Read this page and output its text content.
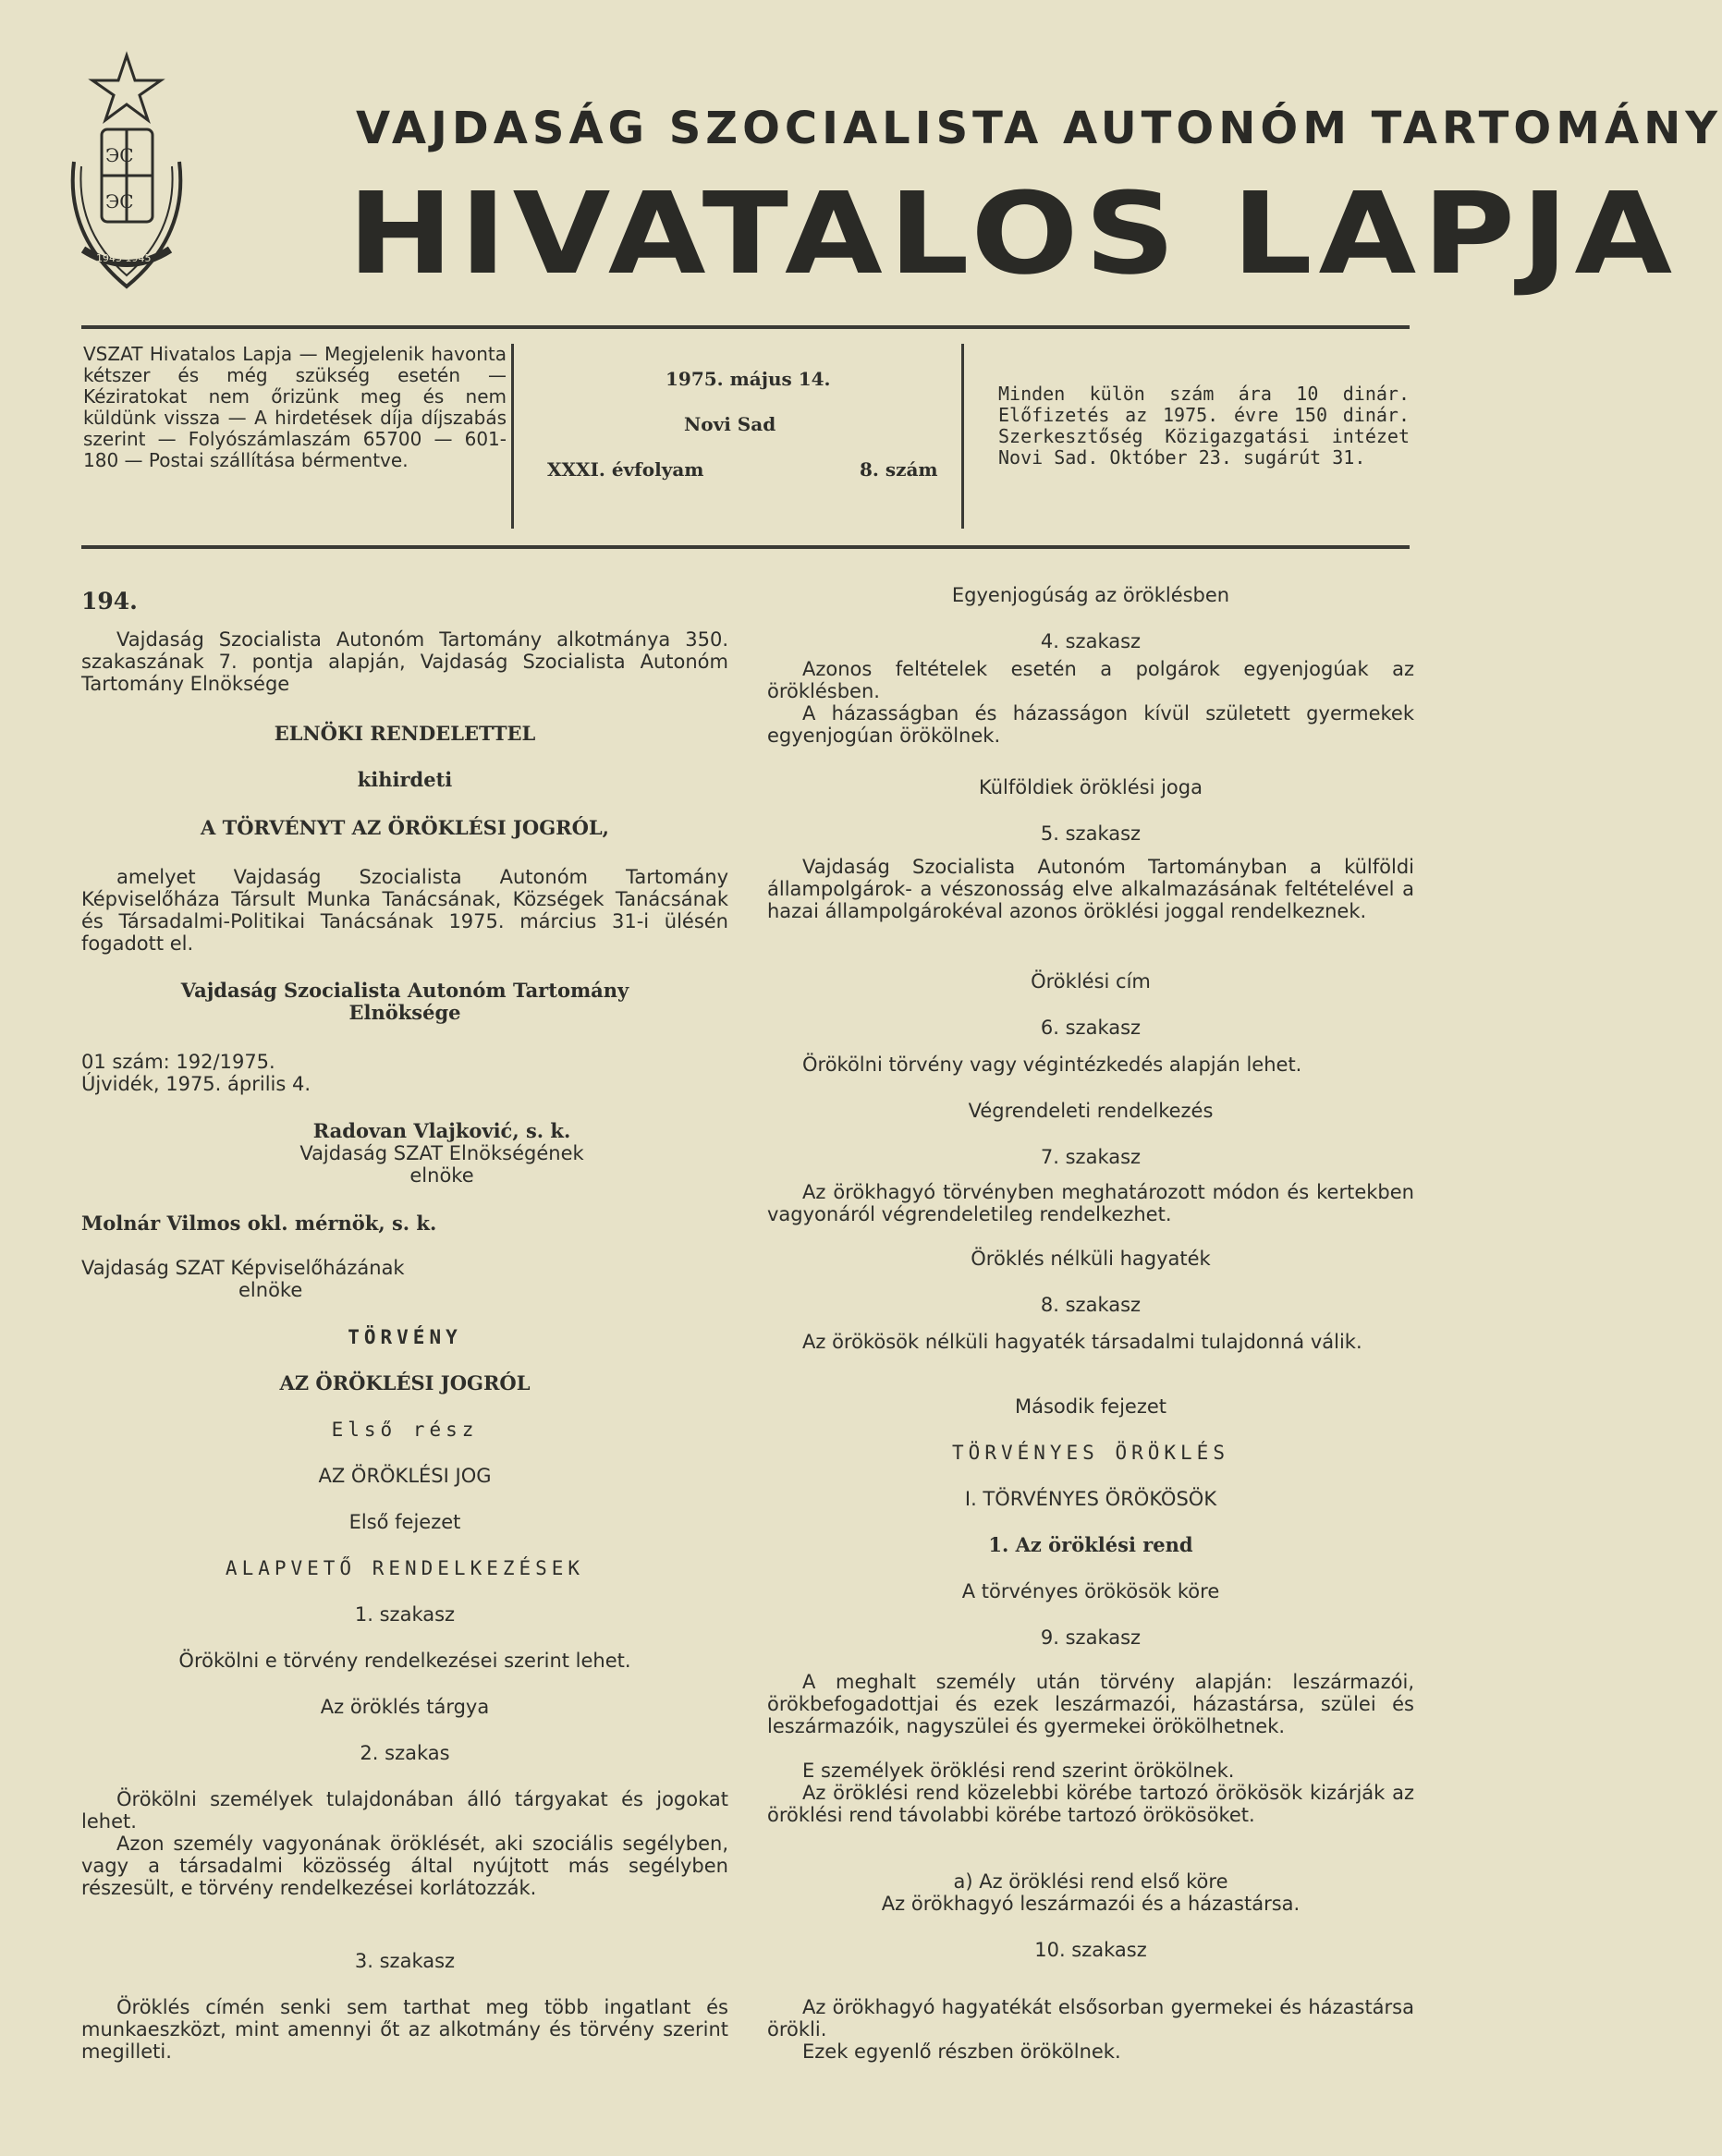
ЭС
ЭС
1943 1945
VAJDASÁG SZOCIALISTA AUTONÓM TARTOMÁNY
HIVATALOS LAPJA
VSZAT Hivatalos Lapja — Megjelenik havonta kétszer és még szükség esetén — Kéziratokat nem őrizünk meg és nem küldünk vissza — A hirdetések díja díjszabás szerint — Folyószámlaszám 65700 — 601-180 — Postai szállítása bérmentve.
1975. május 14.
Novi Sad
XXXI. évfolyam	8. szám
Minden külön szám ára 10 dinár. Előfizetés az 1975. évre 150 dinár. Szerkesztőség Közigazgatási intézet Novi Sad. Október 23. sugárút 31.
194.

Vajdaság Szocialista Autonóm Tartomány alkotmánya 350. szakaszának 7. pontja alapján, Vajdaság Szocialista Autonóm Tartomány Elnöksége

ELNÖKI RENDELETTEL

kihirdeti

A TÖRVÉNYT AZ ÖRÖKLÉSI JOGRÓL,

amelyet Vajdaság Szocialista Autonóm Tartomány Képviselőháza Társult Munka Tanácsának, Községek Tanácsának és Társadalmi-Politikai Tanácsának 1975. március 31-i ülésén fogadott el.

Vajdaság Szocialista Autonóm Tartomány

Elnöksége

01 szám: 192/1975.

Újvidék, 1975. április 4.

Radovan Vlajković, s. k.

Vajdaság SZAT Elnökségének

elnöke

Molnár Vilmos okl. mérnök, s. k.

Vajdaság SZAT Képviselőházának

elnöke

TÖRVÉNY

AZ ÖRÖKLÉSI JOGRÓL

Első rész

AZ ÖRÖKLÉSI JOG

Első fejezet

ALAPVETŐ RENDELKEZÉSEK

1. szakasz

Örökölni e törvény rendelkezései szerint lehet.

Az öröklés tárgya

2. szakas

Örökölni személyek tulajdonában álló tárgyakat és jogokat lehet.

Azon személy vagyonának öröklését, aki szociális segélyben, vagy a társadalmi közösség által nyújtott más segélyben részesült, e törvény rendelkezései korlátozzák.

3. szakasz

Öröklés címén senki sem tarthat meg több ingatlant és munkaeszközt, mint amennyi őt az alkotmány és törvény szerint megilleti.

Egyenjogúság az öröklésben

4. szakasz

Azonos feltételek esetén a polgárok egyenjogúak az öröklésben.

A házasságban és házasságon kívül született gyermekek egyenjogúan örökölnek.

Külföldiek öröklési joga

5. szakasz

Vajdaság Szocialista Autonóm Tartományban a külföldi állampolgárok- a vészonosság elve alkalmazásának feltételével a hazai állampolgárokéval azonos öröklési joggal rendelkeznek.

Öröklési cím

6. szakasz

Örökölni törvény vagy végintézkedés alapján lehet.

Végrendeleti rendelkezés

7. szakasz

Az örökhagyó törvényben meghatározott módon és kertekben vagyonáról végrendeletileg rendelkezhet.

Öröklés nélküli hagyaték

8. szakasz

Az örökösök nélküli hagyaték társadalmi tulajdonná válik.

Második fejezet

TÖRVÉNYES ÖRÖKLÉS

I. TÖRVÉNYES ÖRÖKÖSÖK

1. Az öröklési rend

A törvényes örökösök köre

9. szakasz

A meghalt személy után törvény alapján: leszármazói, örökbefogadottjai és ezek leszármazói, házastársa, szülei és leszármazóik, nagyszülei és gyermekei örökölhetnek.

E személyek öröklési rend szerint örökölnek.

Az öröklési rend közelebbi körébe tartozó örökösök kizárják az öröklési rend távolabbi körébe tartozó örökösöket.

a) Az öröklési rend első köre

Az örökhagyó leszármazói és a házastársa.

10. szakasz

Az örökhagyó hagyatékát elsősorban gyermekei és házastársa örökli.

Ezek egyenlő részben örökölnek.
